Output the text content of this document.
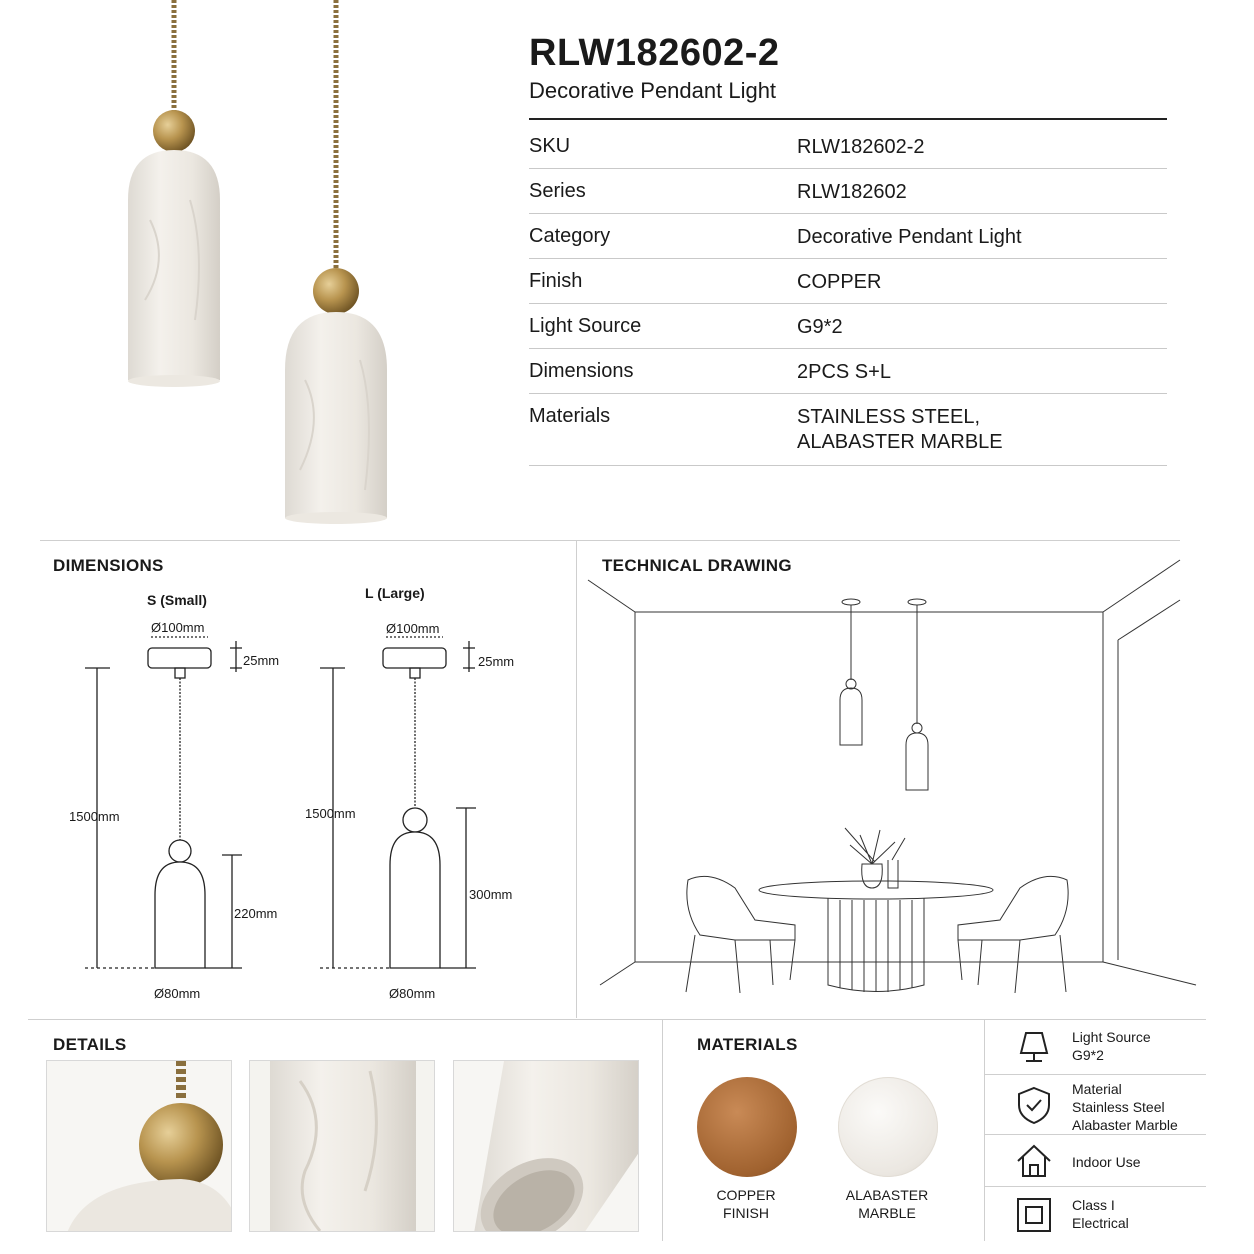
RLW182602-2
Decorative Pendant Light
SKU	RLW182602-2
Series	RLW182602
Category	Decorative Pendant Light
Finish	COPPER
Light Source	G9*2
Dimensions	2PCS S+L
Materials	STAINLESS STEEL,
ALABASTER MARBLE
DIMENSIONS	TECHNICAL DRAWING
DETAILS	MATERIALS
S (Small)	L (Large)
Ø100mm
25mm
1500mm
220mm
Ø80mm
Ø100mm
25mm
1500mm
300mm
Ø80mm
COPPER
FINISH
ALABASTER
MARBLE
Light Source
G9*2
Material
Stainless Steel
Alabaster Marble
Indoor Use
Class I
Electrical
